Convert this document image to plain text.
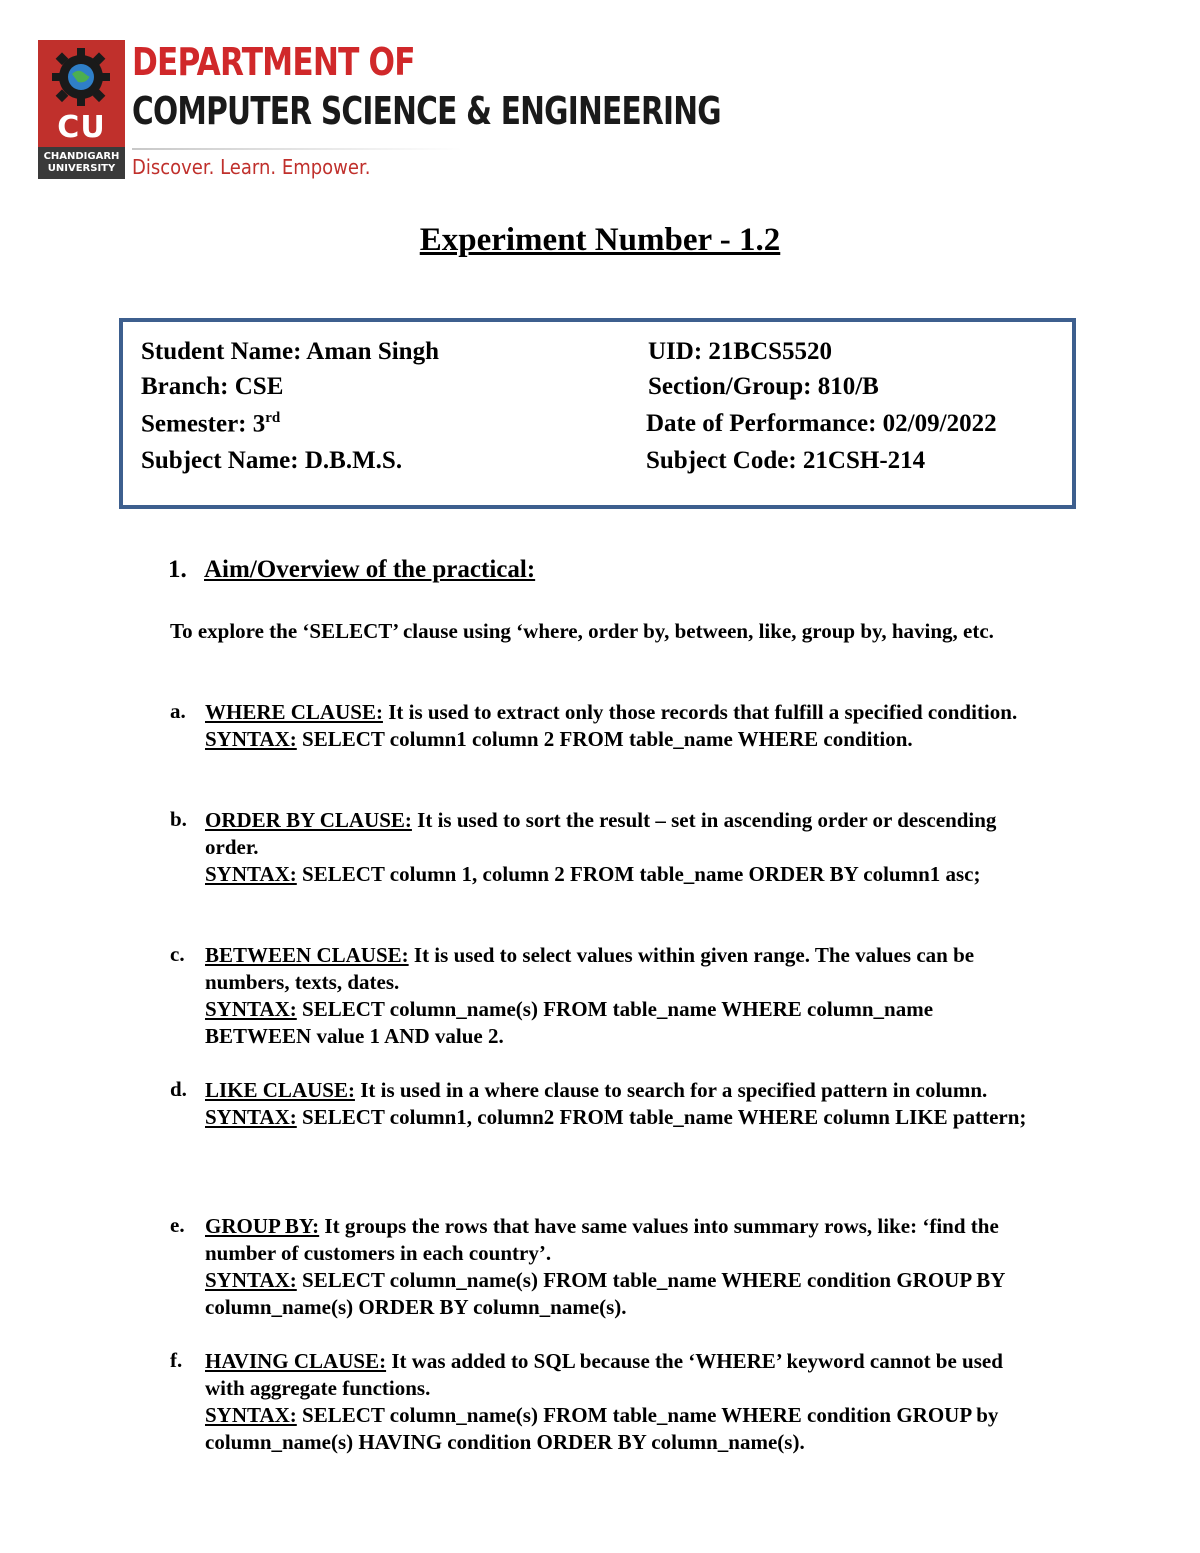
CU
CHANDIGARH
UNIVERSITY
DEPARTMENT OF
COMPUTER SCIENCE & ENGINEERING
Discover. Learn. Empower.
Experiment Number - 1.2
Student Name: Aman Singh	UID: 21BCS5520
Branch: CSE	Section/Group: 810/B
Semester: 3rd	Date of Performance: 02/09/2022
Subject Name: D.B.M.S.	Subject Code: 21CSH-214
1. Aim/Overview of the practical:
To explore the ‘SELECT’ clause using ‘where, order by, between, like, group by, having, etc.
a. WHERE CLAUSE: It is used to extract only those records that fulfill a specified condition.
SYNTAX: SELECT column1 column 2 FROM table_name WHERE condition.
b. ORDER BY CLAUSE: It is used to sort the result – set in ascending order or descending order.
SYNTAX: SELECT column 1, column 2 FROM table_name ORDER BY column1 asc;
c. BETWEEN CLAUSE: It is used to select values within given range. The values can be numbers, texts, dates.
SYNTAX: SELECT column_name(s) FROM table_name WHERE column_name BETWEEN value 1 AND value 2.
d. LIKE CLAUSE: It is used in a where clause to search for a specified pattern in column.
SYNTAX: SELECT column1, column2 FROM table_name WHERE column LIKE pattern;
e. GROUP BY: It groups the rows that have same values into summary rows, like: ‘find the number of customers in each country’.
SYNTAX: SELECT column_name(s) FROM table_name WHERE condition GROUP BY column_name(s) ORDER BY column_name(s).
f. HAVING CLAUSE: It was added to SQL because the ‘WHERE’ keyword cannot be used with aggregate functions.
SYNTAX: SELECT column_name(s) FROM table_name WHERE condition GROUP by column_name(s) HAVING condition ORDER BY column_name(s).
